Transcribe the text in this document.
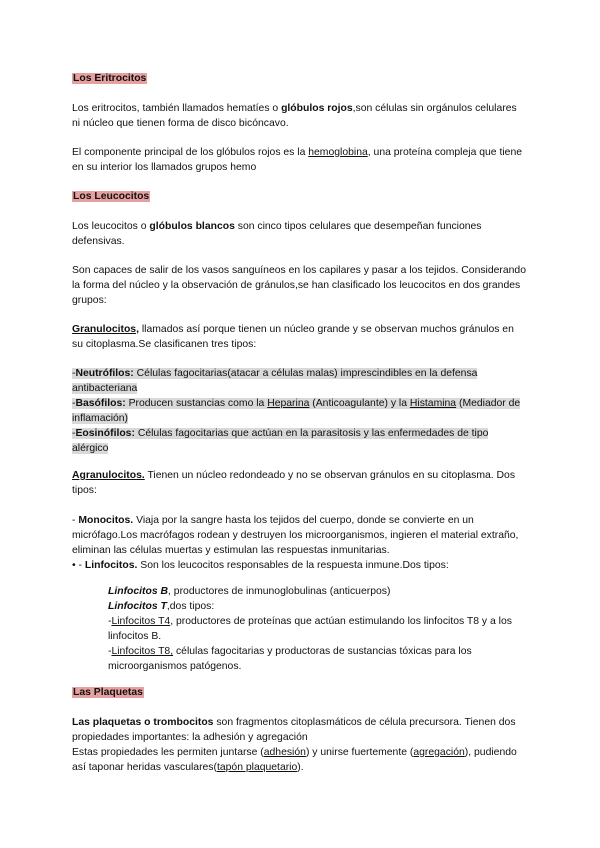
Los Eritrocitos
Los eritrocitos, también llamados hematíes o glóbulos rojos,son células sin orgánulos celulares
ni núcleo que tienen forma de disco bicóncavo.
El componente principal de los glóbulos rojos es la hemoglobina, una proteína compleja que tiene
en su interior los llamados grupos hemo
Los Leucocitos
Los leucocitos o glóbulos blancos son cinco tipos celulares que desempeñan funciones
defensivas.
Son capaces de salir de los vasos sanguíneos en los capilares y pasar a los tejidos. Considerando
la forma del núcleo y la observación de gránulos,se han clasificado los leucocitos en dos grandes
grupos:
Granulocitos, llamados así porque tienen un núcleo grande y se observan muchos gránulos en
su citoplasma.Se clasificanen tres tipos:
-Neutrófilos: Células fagocitarias(atacar a células malas) imprescindibles en la defensa
antibacteriana
-Basófilos: Producen sustancias como la Heparina (Anticoagulante) y la Histamina (Mediador de
inflamación)
-Eosinófilos: Células fagocitarias que actúan en la parasitosis y las enfermedades de tipo
alérgico
Agranulocitos. Tienen un núcleo redondeado y no se observan gránulos en su citoplasma. Dos
tipos:
- Monocitos. Viaja por la sangre hasta los tejidos del cuerpo, donde se convierte en un
micrófago.Los macrófagos rodean y destruyen los microorganismos, ingieren el material extraño,
eliminan las células muertas y estimulan las respuestas inmunitarias.
• - Linfocitos. Son los leucocitos responsables de la respuesta inmune.Dos tipos:
Linfocitos B, productores de inmunoglobulinas (anticuerpos)
Linfocitos T,dos tipos:
-Linfocitos T4, productores de proteínas que actúan estimulando los linfocitos T8 y a los
linfocitos B.
-Linfocitos T8, células fagocitarias y productoras de sustancias tóxicas para los
microorganismos patógenos.
Las Plaquetas
Las plaquetas o trombocitos son fragmentos citoplasmáticos de célula precursora. Tienen dos
propiedades importantes: la adhesión y agregación
Estas propiedades les permiten juntarse (adhesión) y unirse fuertemente (agregación), pudiendo
así taponar heridas vasculares(tapón plaquetario).
